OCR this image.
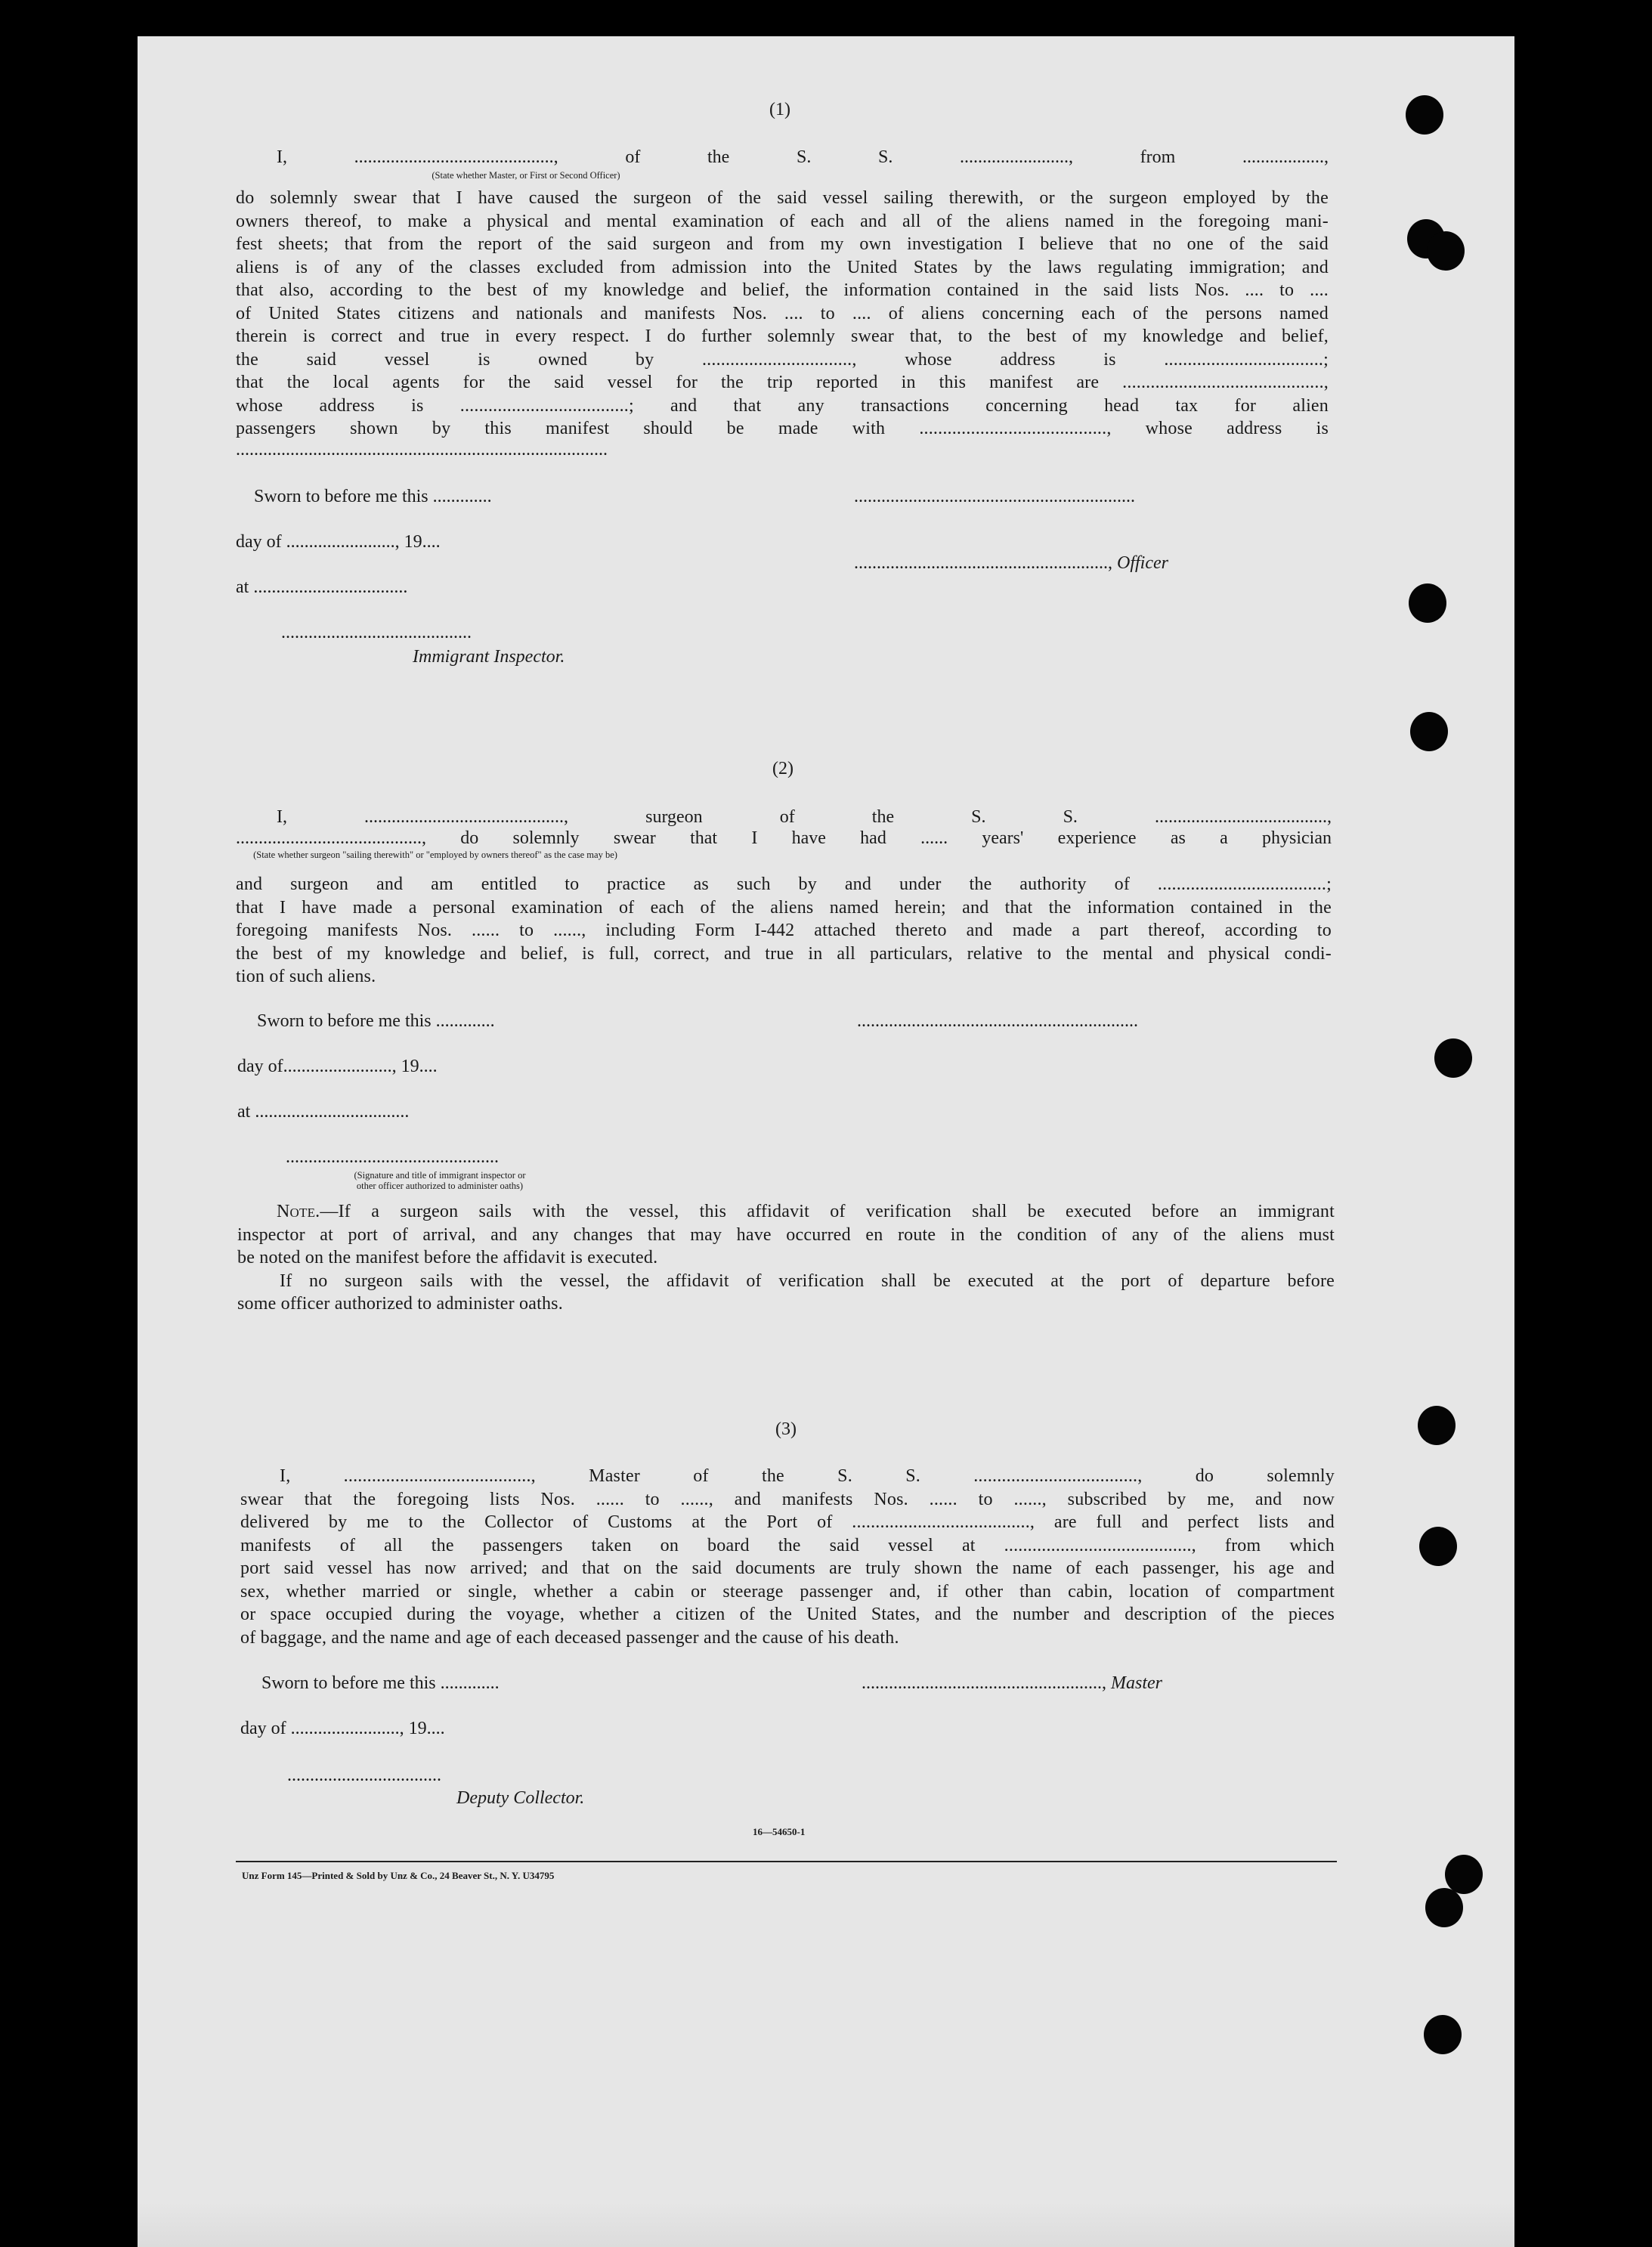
(1)
I, ............................................, of the S. S. ........................, from ..................,
(State whether Master, or First or Second Officer)

do solemnly swear that I have caused the surgeon of the said vessel sailing therewith, or the surgeon employed by the

owners thereof, to make a physical and mental examination of each and all of the aliens named in the foregoing mani-

fest sheets; that from the report of the said surgeon and from my own investigation I believe that no one of the said

aliens is of any of the classes excluded from admission into the United States by the laws regulating immigration; and

that also, according to the best of my knowledge and belief, the information contained in the said lists Nos. .... to ....

of United States citizens and nationals and manifests Nos. .... to .... of aliens concerning each of the persons named

therein is correct and true in every respect. I do further solemnly swear that, to the best of my knowledge and belief,

the said vessel is owned by ................................, whose address is ..................................;

that the local agents for the said vessel for the trip reported in this manifest are ...........................................,

whose address is ....................................; and that any transactions concerning head tax for alien

passengers shown by this manifest should be made with ........................................, whose address is

..................................................................................
Sworn to before me this .............	..............................................................
day of ........................, 19....
........................................................, Officer
at ..................................
..........................................
Immigrant Inspector.
(2)
I, ............................................, surgeon of the S. S. ......................................,
........................................., do solemnly swear that I have had ...... years' experience as a physician
(State whether surgeon "sailing therewith" or "employed by owners thereof" as the case may be)

and surgeon and am entitled to practice as such by and under the authority of ....................................;

that I have made a personal examination of each of the aliens named herein; and that the information contained in the

foregoing manifests Nos. ...... to ......, including Form I-442 attached thereto and made a part thereof, according to

the best of my knowledge and belief, is full, correct, and true in all particulars, relative to the mental and physical condi-

tion of such aliens.

Sworn to before me this .............	..............................................................
day of........................, 19....
at ..................................
...............................................
(Signature and title of immigrant inspector or
other officer authorized to administer oaths)

Note.—If a surgeon sails with the vessel, this affidavit of verification shall be executed before an immigrant

inspector at port of arrival, and any changes that may have occurred en route in the condition of any of the aliens must

be noted on the manifest before the affidavit is executed.

If no surgeon sails with the vessel, the affidavit of verification shall be executed at the port of departure before

some officer authorized to administer oaths.

(3)

I, ........................................, Master of the S. S. ..................................., do solemnly

swear that the foregoing lists Nos. ...... to ......, and manifests Nos. ...... to ......, subscribed by me, and now

delivered by me to the Collector of Customs at the Port of ......................................, are full and perfect lists and

manifests of all the passengers taken on board the said vessel at ........................................, from which

port said vessel has now arrived; and that on the said documents are truly shown the name of each passenger, his age and

sex, whether married or single, whether a cabin or steerage passenger and, if other than cabin, location of compartment

or space occupied during the voyage, whether a citizen of the United States, and the number and description of the pieces

of baggage, and the name and age of each deceased passenger and the cause of his death.

Sworn to before me this .............	....................................................., Master
day of ........................, 19....
..................................
Deputy Collector.
16—54650-1
Unz Form 145—Printed & Sold by Unz & Co., 24 Beaver St., N. Y. U34795
